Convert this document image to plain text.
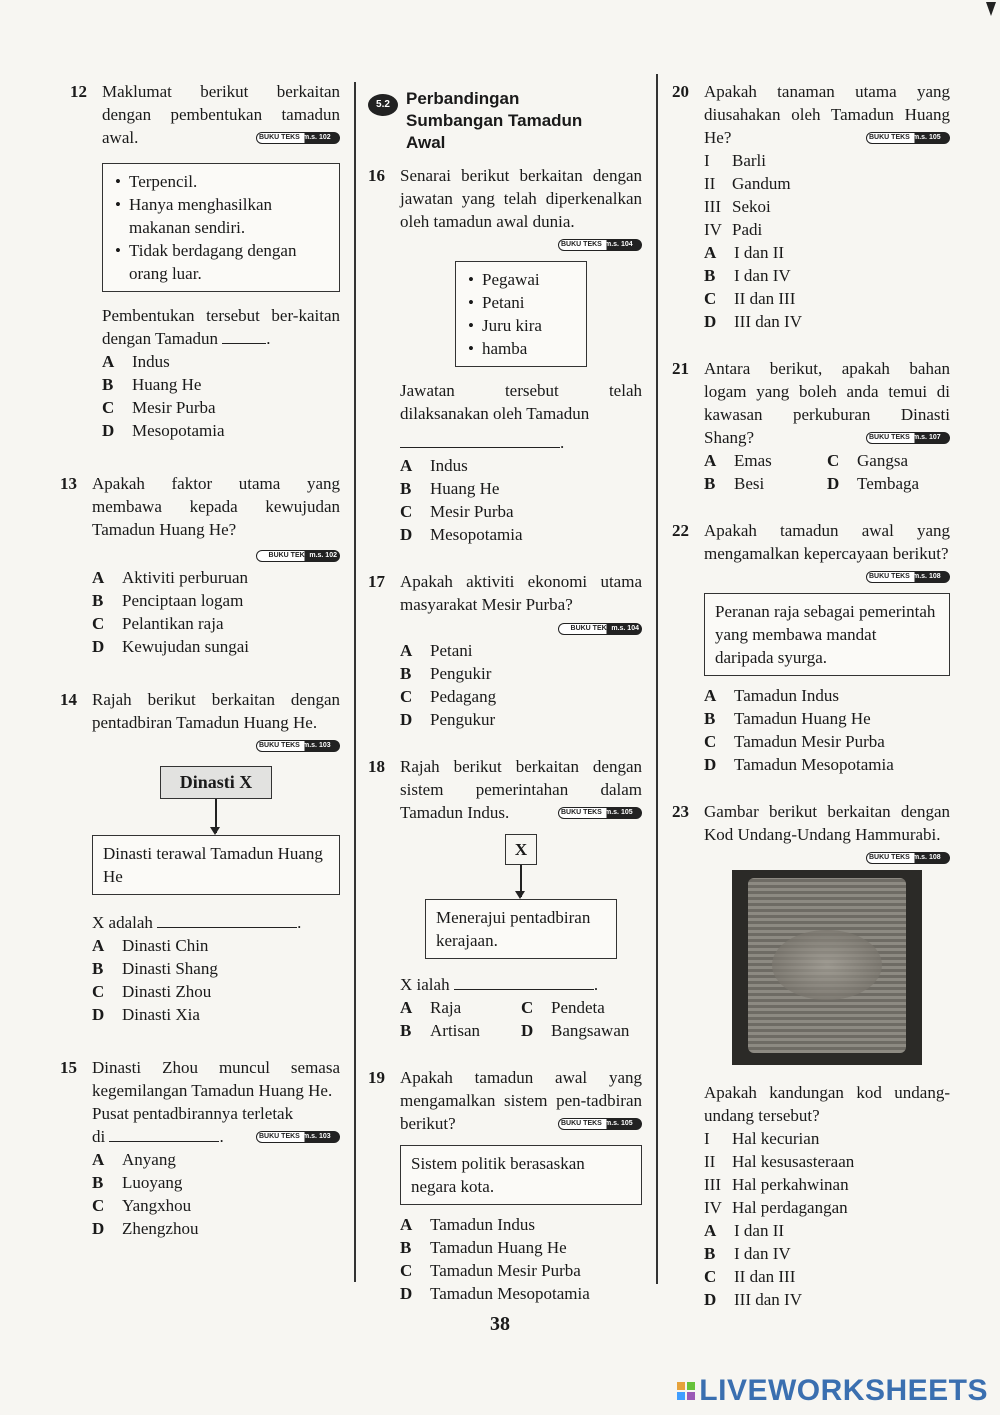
12 Maklumat berikut berkaitan dengan pembentukan tamadun awal.	BUKU TEKS m.s. 102
• Terpencil.
• Hanya menghasilkan makanan sendiri.
• Tidak berdagang dengan orang luar.
Pembentukan tersebut ber-kaitan dengan Tamadun	.
A	Indus
B	Huang He
C	Mesir Purba
D	Mesopotamia
13 Apakah faktor utama yang membawa kepada kewujudan Tamadun Huang He?
BUKU TEKSm.s. 102
A	Aktiviti perburuan
B	Penciptaan logam
C	Pelantikan raja
D	Kewujudan sungai
14 Rajah berikut berkaitan dengan pentadbiran Tamadun Huang He.
BUKU TEKS m.s. 103
Dinasti X
Dinasti terawal Tamadun Huang He
X adalah	.
A	Dinasti Chin
B	Dinasti Shang
C	Dinasti Zhou
D	Dinasti Xia
15 Dinasti Zhou muncul semasa kegemilangan Tamadun Huang He.
Pusat pentadbirannya terletak
di	.	BUKU TEKS m.s. 103
A	Anyang
B	Luoyang
C	Yangxhou
D	Zhengzhou
5.2 Perbandingan Sumbangan Tamadun Awal
16 Senarai berikut berkaitan dengan jawatan yang telah diperkenalkan oleh tamadun awal dunia.
BUKU TEKS m.s. 104
• Pegawai
• Petani
• Juru kira
• hamba
Jawatan tersebut telah dilaksanakan oleh Tamadun
.
A	Indus
B	Huang He
C	Mesir Purba
D	Mesopotamia
17 Apakah aktiviti ekonomi utama masyarakat Mesir Purba?
BUKU TEKSm.s. 104
A	Petani
B	Pengukir
C	Pedagang
D	Pengukur
18 Rajah berikut berkaitan dengan sistem pemerintahan dalam Tamadun Indus.	BUKU TEKS m.s. 105
X
Menerajui pentadbiran kerajaan.
X ialah	.
A	Raja	C	Pendeta
B	Artisan D	Bangsawan
19 Apakah tamadun awal yang mengamalkan sistem pen-tadbiran berikut?	BUKU TEKS m.s. 105
Sistem politik berasaskan negara kota.
A	Tamadun Indus
B	Tamadun Huang He
C	Tamadun Mesir Purba
D	Tamadun Mesopotamia
20 Apakah tanaman utama yang diusahakan oleh Tamadun Huang He?	BUKU TEKS m.s. 105
I	Barli
II Gandum
III Sekoi
IV Padi
A	I dan II
B	I dan IV
C	II dan III
D	III dan IV
21 Antara berikut, apakah bahan logam yang boleh anda temui di kawasan perkuburan Dinasti Shang?	BUKU TEKS m.s. 107
A	Emas	C	Gangsa
B	Besi	D	Tembaga
22 Apakah tamadun awal yang mengamalkan kepercayaan berikut?
BUKU TEKS m.s. 108
Peranan raja sebagai pemerintah yang membawa mandat daripada syurga.
A	Tamadun Indus
B	Tamadun Huang He
C	Tamadun Mesir Purba
D	Tamadun Mesopotamia
23 Gambar berikut berkaitan dengan Kod Undang-Undang Hammurabi.
BUKU TEKS m.s. 108
Apakah kandungan kod undang-undang tersebut?
I	Hal kecurian
II Hal kesusasteraan
III Hal perkahwinan
IV Hal perdagangan
A	I dan II
B	I dan IV
C	II dan III
D	III dan IV
38
LIVEWORKSHEETS
